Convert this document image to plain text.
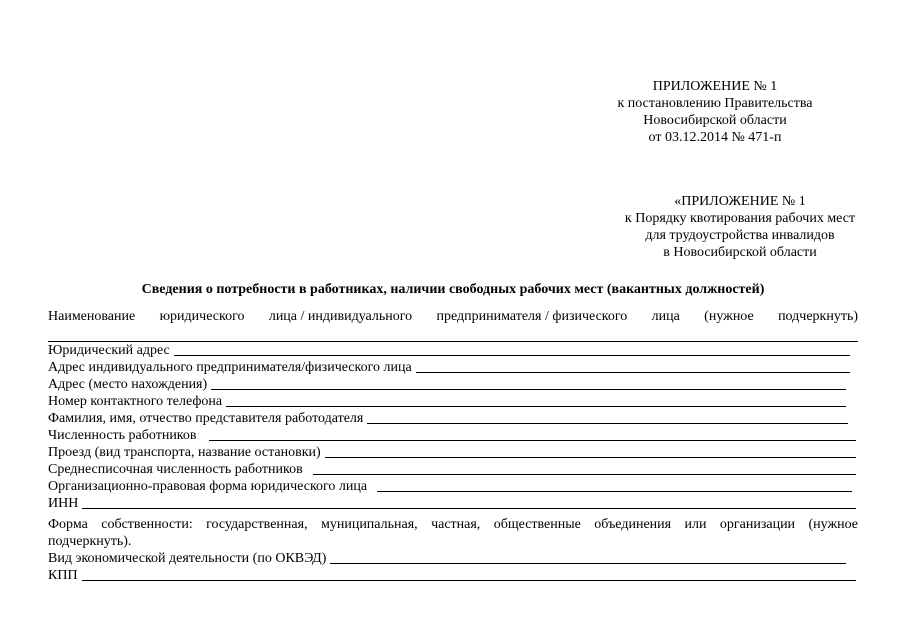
ПРИЛОЖЕНИЕ № 1
к постановлению Правительства
Новосибирской области
от 03.12.2014 № 471-п
«ПРИЛОЖЕНИЕ № 1
к Порядку квотирования рабочих мест
для трудоустройства инвалидов
в Новосибирской области
Сведения о потребности в работниках, наличии свободных рабочих мест (вакантных должностей)
Наименование юридического лица / индивидуального предпринимателя / физического лица (нужное подчеркнуть)
Юридический адрес
Адрес индивидуального предпринимателя/физического лица
Адрес (место нахождения)
Номер контактного телефона
Фамилия, имя, отчество представителя работодателя
Численность работников
Проезд (вид транспорта, название остановки)
Среднесписочная численность работников
Организационно-правовая форма юридического лица
ИНН
Форма собственности: государственная, муниципальная, частная, общественные объединения или организации (нужное
подчеркнуть).
Вид экономической деятельности (по ОКВЭД)
КПП
